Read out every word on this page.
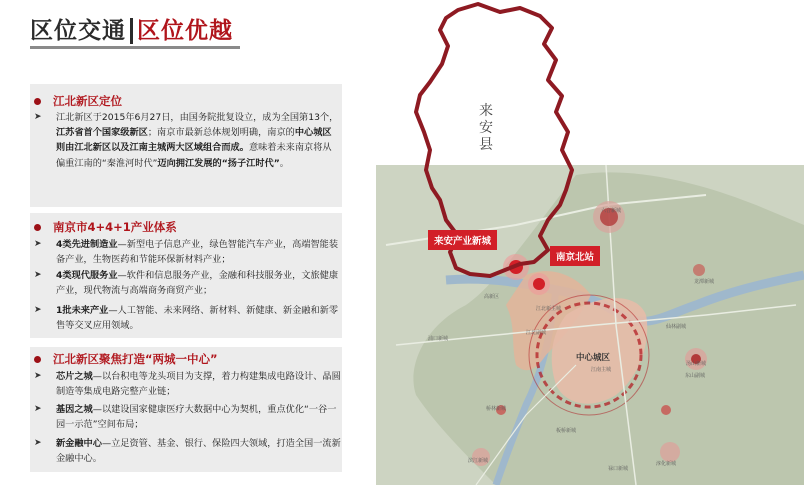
区位交通 区位优越
江北新区定位
➤ 江北新区于2015年6月27日，由国务院批复设立，成为全国第13个，江苏省首个国家级新区；南京市最新总体规划明确，南京的中心城区则由江北新区以及江南主城两大区域组合而成。意味着未来南京将从偏重江南的“秦淮河时代”迈向拥江发展的“扬子江时代”。
南京市4+4+1产业体系
➤ 4类先进制造业—新型电子信息产业，绿色智能汽车产业，高端智能装备产业，生物医药和节能环保新材料产业；
➤ 4类现代服务业—软件和信息服务产业，金融和科技服务业，文旅健康产业，现代物流与高端商务商贸产业；
➤ 1批未来产业—人工智能、未来网络、新材料、新健康、新金融和新零售等交叉应用领域。
江北新区聚焦打造“两城一中心”
➤ 芯片之城—以台积电等龙头项目为支撑，着力构建集成电路设计、晶圆制造等集成电路完整产业链；
➤ 基因之城—以建设国家健康医疗大数据中心为契机，重点优化“一谷一园一示范”空间布局；
➤ 新金融中心—立足资管、基金、银行、保险四大领域，打造全国一流新金融中心。
六合新城
浦口新城
高新区
仙林副城
东山副城
江北副城
江北新主城
龙潭新城
汤山新城
淳化新城
禄口新城
板桥新城
滨江新城
桥林新城
中心城区
江南主城
来安县
来安产业新城
南京北站
